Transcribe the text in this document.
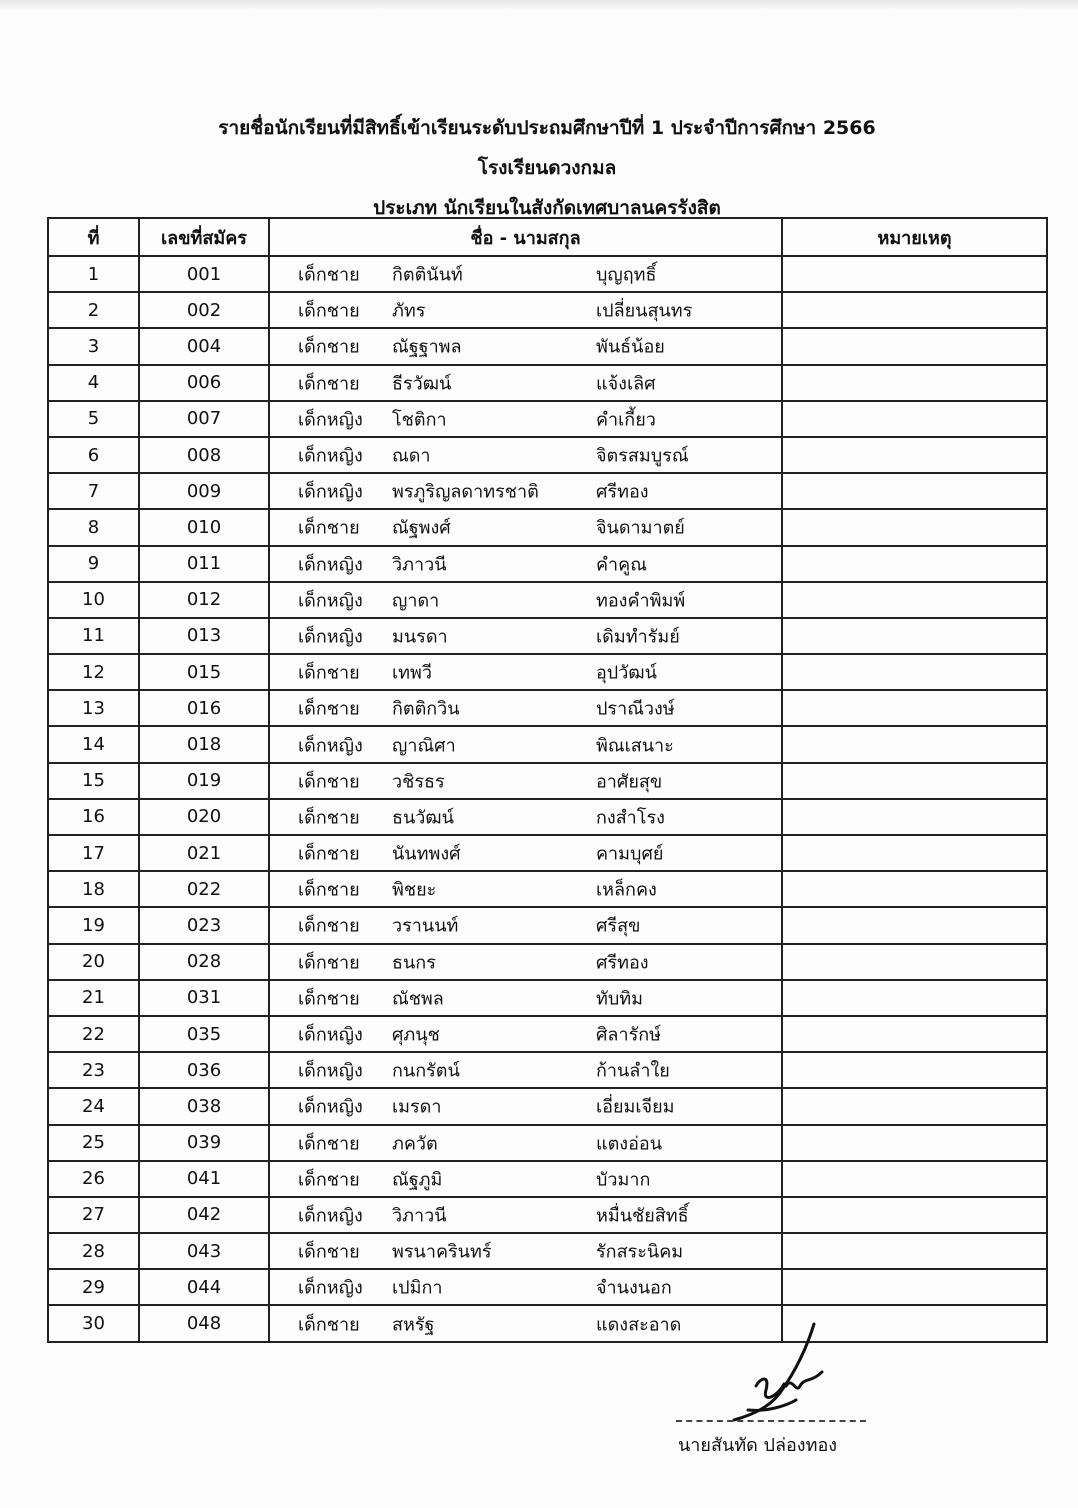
รายชื่อนักเรียนที่มีสิทธิ์เข้าเรียนระดับประถมศึกษาปีที่ 1 ประจำปีการศึกษา 2566
โรงเรียนดวงกมล
ประเภท นักเรียนในสังกัดเทศบาลนครรังสิต
ที่	เลขที่สมัคร	ชื่อ - นามสกุล	หมายเหตุ
1	001	เด็กชาย กิตตินันท์ บุญฤทธิ์	

2	002	เด็กชาย ภัทร เปลี่ยนสุนทร	

3	004	เด็กชาย ณัฐฐาพล พันธ์น้อย	

4	006	เด็กชาย ธีรวัฒน์ แจ้งเลิศ	

5	007	เด็กหญิง โชติกา คำเกี้ยว	

6	008	เด็กหญิง ณดา จิตรสมบูรณ์	

7	009	เด็กหญิง พรภูริญลดาทรชาติ ศรีทอง	

8	010	เด็กชาย ณัฐพงศ์ จินดามาตย์	

9	011	เด็กหญิง วิภาวนี คำคูณ	

10	012	เด็กหญิง ญาดา ทองคำพิมพ์	

11	013	เด็กหญิง มนรดา เดิมทำรัมย์	

12	015	เด็กชาย เทพวี อุปวัฒน์	

13	016	เด็กชาย กิตติกวิน ปราณีวงษ์	

14	018	เด็กหญิง ญาณิศา พิณเสนาะ	

15	019	เด็กชาย วชิรธร อาศัยสุข	

16	020	เด็กชาย ธนวัฒน์ กงสำโรง	

17	021	เด็กชาย นันทพงศ์ คามบุศย์	

18	022	เด็กชาย พิชยะ เหล็กคง	

19	023	เด็กชาย วรานนท์ ศรีสุข	

20	028	เด็กชาย ธนกร ศรีทอง	

21	031	เด็กชาย ณัชพล ทับทิม	

22	035	เด็กหญิง ศุภนุช ศิลารักษ์	

23	036	เด็กหญิง กนกรัตน์ ก้านลำใย	

24	038	เด็กหญิง เมรดา เอี่ยมเจียม	

25	039	เด็กชาย ภควัต แตงอ่อน	

26	041	เด็กชาย ณัฐภูมิ บัวมาก	

27	042	เด็กหญิง วิภาวนี หมื่นชัยสิทธิ์	

28	043	เด็กชาย พรนาครินทร์ รักสระนิคม	

29	044	เด็กหญิง เปมิกา จำนงนอก	

30	048	เด็กชาย สหรัฐ แดงสะอาด	

นายสันทัด ปล่องทอง
